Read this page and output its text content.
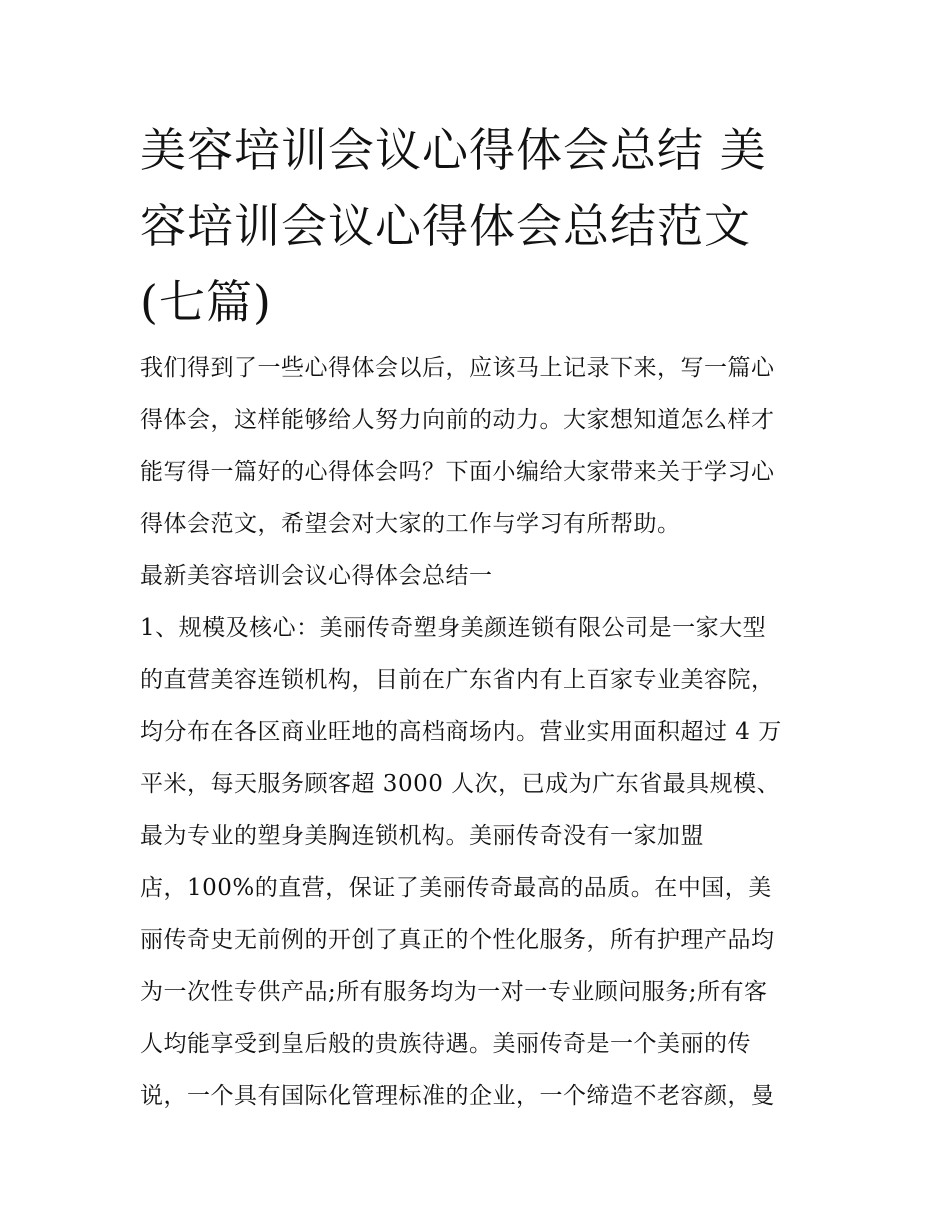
美容培训会议心得体会总结 美
容培训会议心得体会总结范文
(七篇)
我们得到了一些心得体会以后，应该马上记录下来，写一篇心
得体会，这样能够给人努力向前的动力。大家想知道怎么样才
能写得一篇好的心得体会吗？下面小编给大家带来关于学习心
得体会范文，希望会对大家的工作与学习有所帮助。
最新美容培训会议心得体会总结一
1、规模及核心：美丽传奇塑身美颜连锁有限公司是一家大型
的直营美容连锁机构，目前在广东省内有上百家专业美容院，
均分布在各区商业旺地的高档商场内。营业实用面积超过 4 万
平米，每天服务顾客超 3000 人次，已成为广东省最具规模、
最为专业的塑身美胸连锁机构。美丽传奇没有一家加盟
店，100%的直营，保证了美丽传奇最高的品质。在中国，美
丽传奇史无前例的开创了真正的个性化服务，所有护理产品均
为一次性专供产品;所有服务均为一对一专业顾问服务;所有客
人均能享受到皇后般的贵族待遇。美丽传奇是一个美丽的传
说，一个具有国际化管理标准的企业，一个缔造不老容颜，曼
